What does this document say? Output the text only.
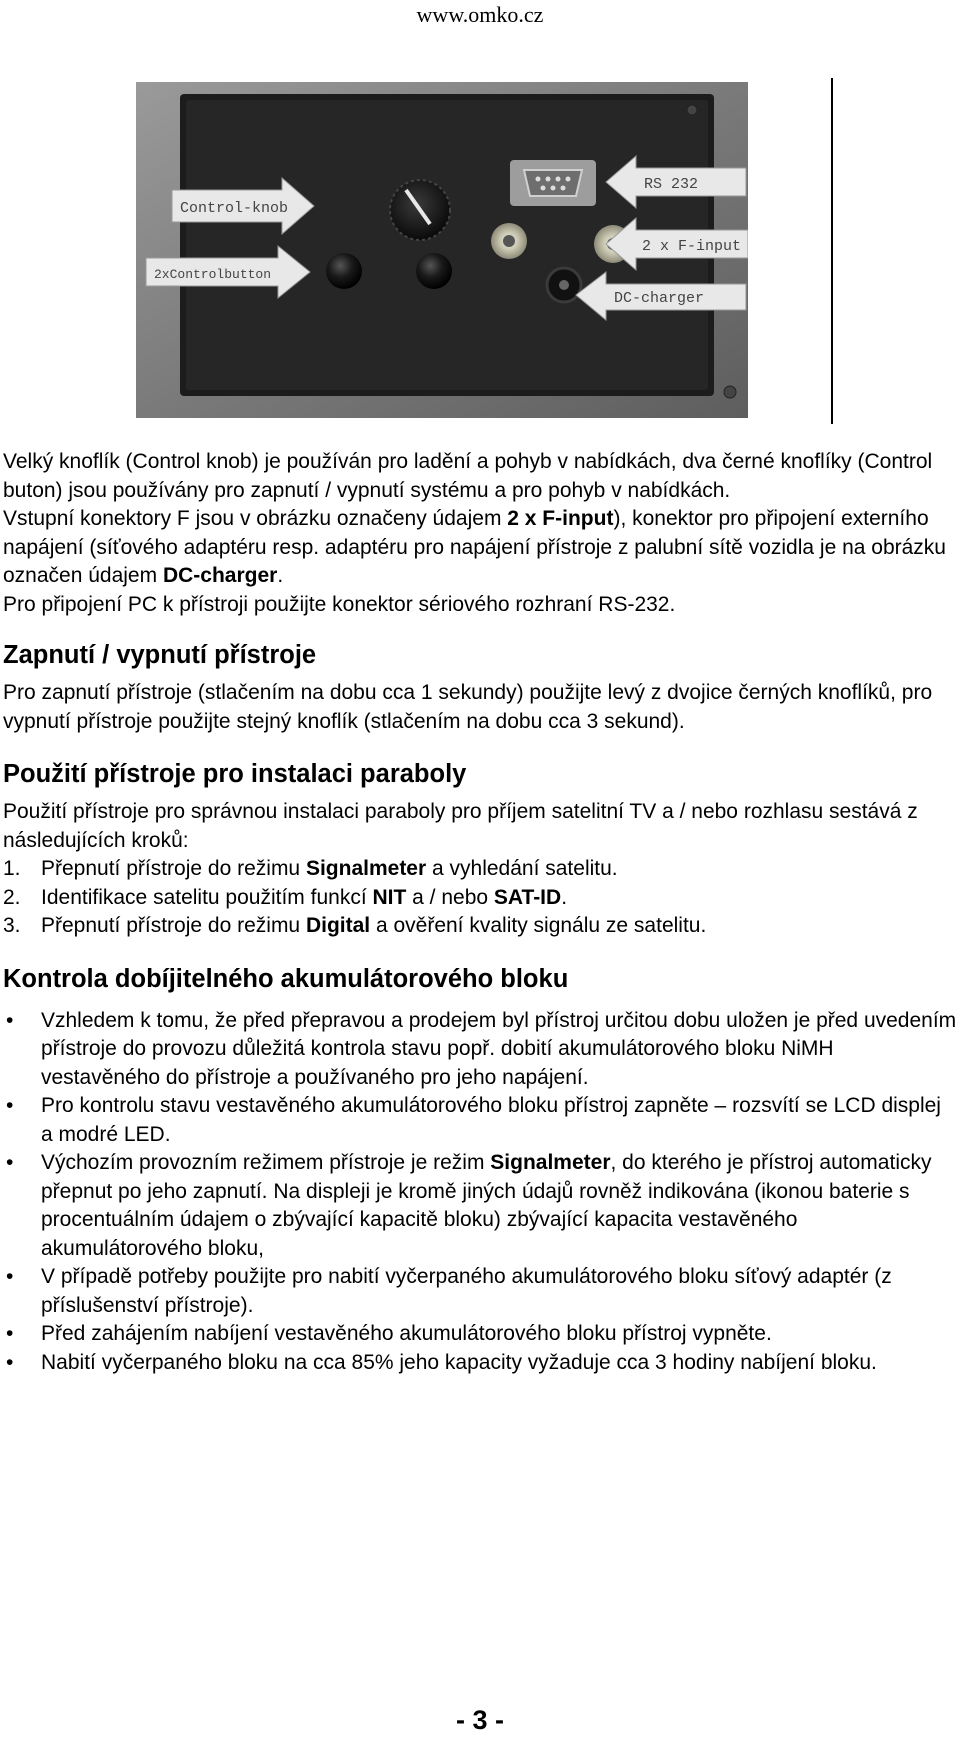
www.omko.cz
Control-knob
2xControlbutton
RS 232
2 x F-input
DC-charger

Velký knoflík (Control knob) je používán pro ladění a pohyb v nabídkách, dva černé knoflíky (Control buton) jsou používány pro zapnutí / vypnutí systému a pro pohyb v nabídkách.

Vstupní konektory F jsou v obrázku označeny údajem 2 x F-input), konektor pro připojení externího napájení (síťového adaptéru resp. adaptéru pro napájení přístroje z palubní sítě vozidla je na obrázku označen údajem DC-charger.

Pro připojení PC k přístroji použijte konektor sériového rozhraní RS-232.

Zapnutí / vypnutí přístroje

Pro zapnutí přístroje (stlačením na dobu cca 1 sekundy) použijte levý z dvojice černých knoflíků, pro vypnutí přístroje použijte stejný knoflík (stlačením na dobu cca 3 sekund).

Použití přístroje pro instalaci paraboly

Použití přístroje pro správnou instalaci paraboly pro příjem satelitní TV a / nebo rozhlasu sestává z následujících kroků:

1. Přepnutí přístroje do režimu Signalmeter a vyhledání satelitu.
2. Identifikace satelitu použitím funkcí NIT a / nebo SAT-ID.
3. Přepnutí přístroje do režimu Digital a ověření kvality signálu ze satelitu.
Kontrola dobíjitelného akumulátorového bloku
•	Vzhledem k tomu, že před přepravou a prodejem byl přístroj určitou dobu uložen je před uvedením přístroje do provozu důležitá kontrola stavu popř. dobití akumulátorového bloku NiMH vestavěného do přístroje a používaného pro jeho napájení.
•	Pro kontrolu stavu vestavěného akumulátorového bloku přístroj zapněte – rozsvítí se LCD displej a modré LED.
•	Výchozím provozním režimem přístroje je režim Signalmeter, do kterého je přístroj automaticky přepnut po jeho zapnutí. Na displeji je kromě jiných údajů rovněž indikována (ikonou baterie s procentuálním údajem o zbývající kapacitě bloku) zbývající kapacita vestavěného akumulátorového bloku,
•	V případě potřeby použijte pro nabití vyčerpaného akumulátorového bloku síťový adaptér (z příslušenství přístroje).
•	Před zahájením nabíjení vestavěného akumulátorového bloku přístroj vypněte.
•	Nabití vyčerpaného bloku na cca 85% jeho kapacity vyžaduje cca 3 hodiny nabíjení bloku.
- 3 -
